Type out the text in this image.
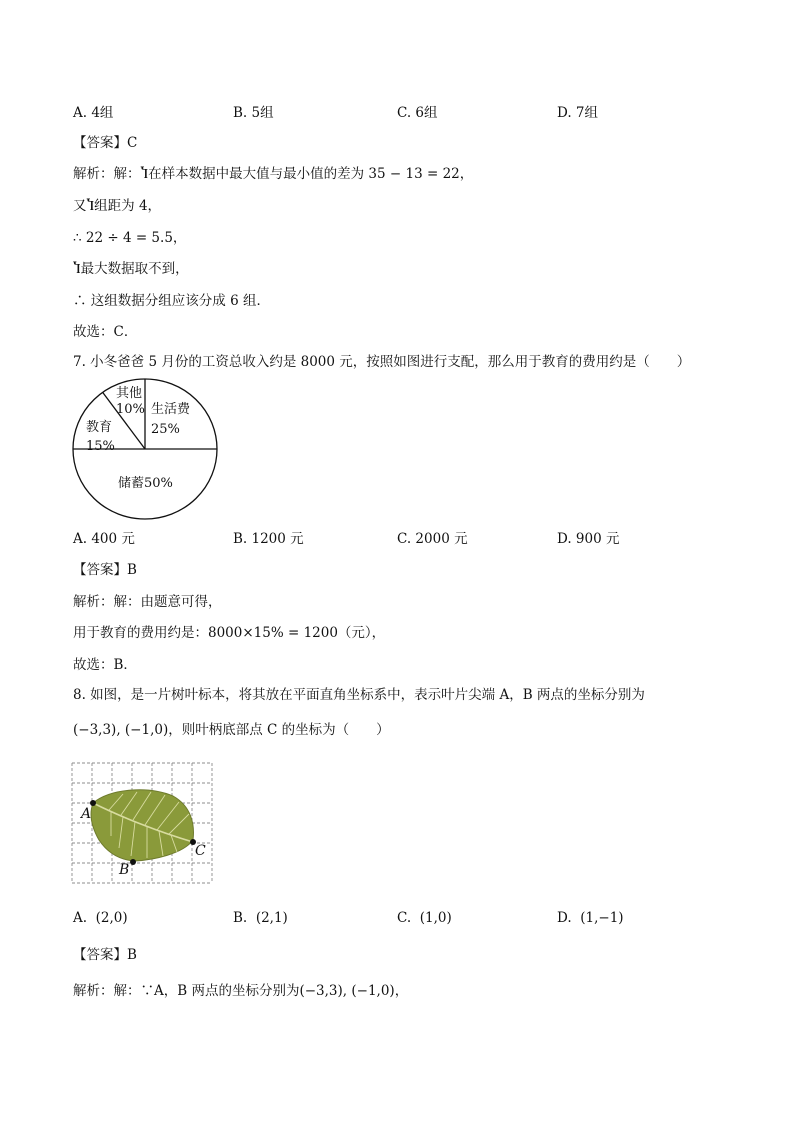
A. 4组	B. 5组	C. 6组	D. 7组
【答案】C
解析：解：Ⴈ在样本数据中最大值与最小值的差为 35 − 13 = 22，
又Ⴈ组距为 4，
∴ 22 ÷ 4 = 5.5，
Ⴈ最大数据取不到，
∴ 这组数据分组应该分成 6 组．
故选：C．
7. 小冬爸爸 5 月份的工资总收入约是 8000 元，按照如图进行支配，那么用于教育的费用约是（　　）
生活费
25%
储蓄50%
教育
15%
其他
10%
A. 400 元	B. 1200 元	C. 2000 元	D. 900 元
【答案】B
解析：解：由题意可得，
用于教育的费用约是：8000×15% = 1200（元），
故选：B．
8. 如图，是一片树叶标本，将其放在平面直角坐标系中，表示叶片尖端 A，B 两点的坐标分别为
(−3,3), (−1,0)，则叶柄底部点 C 的坐标为（　　）
A
B
C
A. (2,0)	B. (2,1)	C. (1,0)	D. (1,−1)
【答案】B
解析：解：∵A，B 两点的坐标分别为(−3,3), (−1,0)，
